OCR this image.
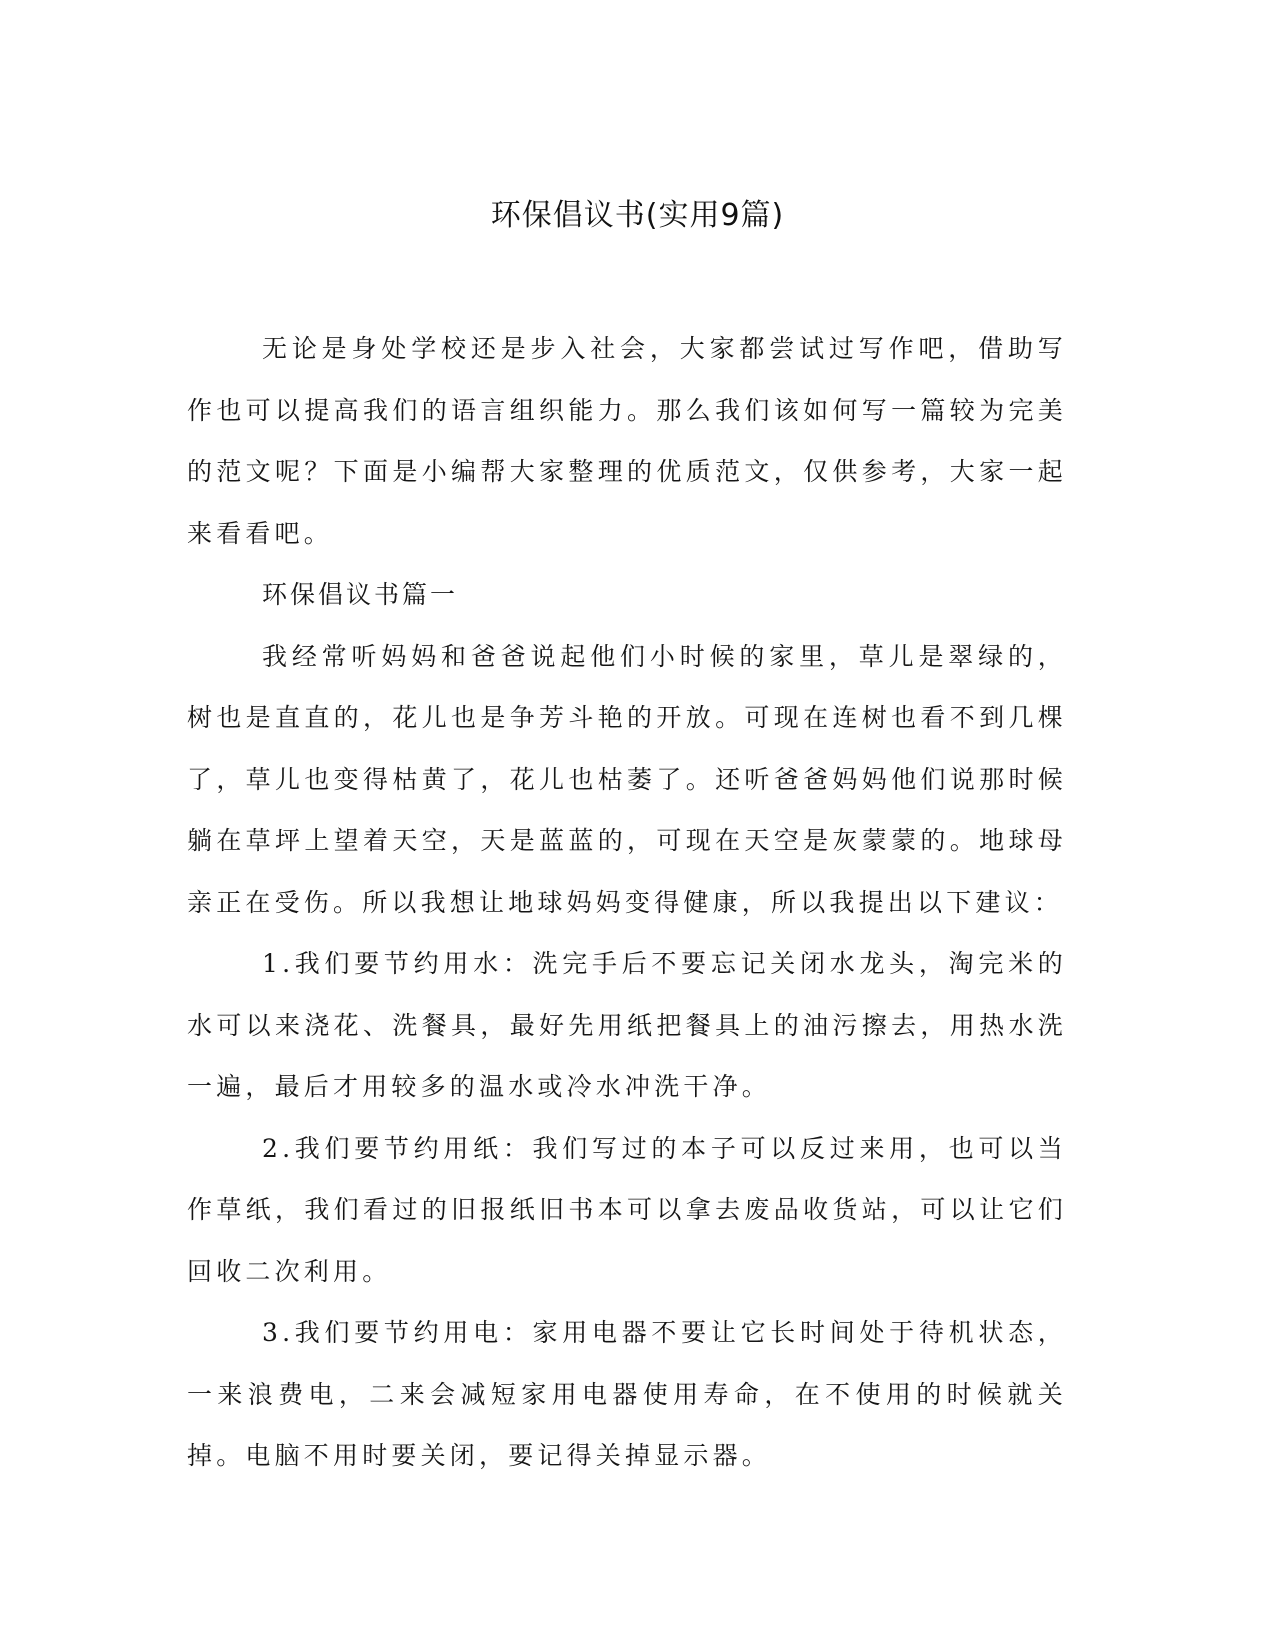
环保倡议书(实用9篇)

无论是身处学校还是步入社会，大家都尝试过写作吧，借助写作也可以提高我们的语言组织能力。那么我们该如何写一篇较为完美的范文呢？下面是小编帮大家整理的优质范文，仅供参考，大家一起来看看吧。

环保倡议书篇一

我经常听妈妈和爸爸说起他们小时候的家里，草儿是翠绿的，树也是直直的，花儿也是争芳斗艳的开放。可现在连树也看不到几棵了，草儿也变得枯黄了，花儿也枯萎了。还听爸爸妈妈他们说那时候躺在草坪上望着天空，天是蓝蓝的，可现在天空是灰蒙蒙的。地球母亲正在受伤。所以我想让地球妈妈变得健康，所以我提出以下建议：

1.我们要节约用水：洗完手后不要忘记关闭水龙头，淘完米的水可以来浇花、洗餐具，最好先用纸把餐具上的油污擦去，用热水洗一遍，最后才用较多的温水或冷水冲洗干净。

2.我们要节约用纸：我们写过的本子可以反过来用，也可以当作草纸，我们看过的旧报纸旧书本可以拿去废品收货站，可以让它们回收二次利用。

3.我们要节约用电：家用电器不要让它长时间处于待机状态，一来浪费电，二来会减短家用电器使用寿命，在不使用的时候就关掉。电脑不用时要关闭，要记得关掉显示器。
